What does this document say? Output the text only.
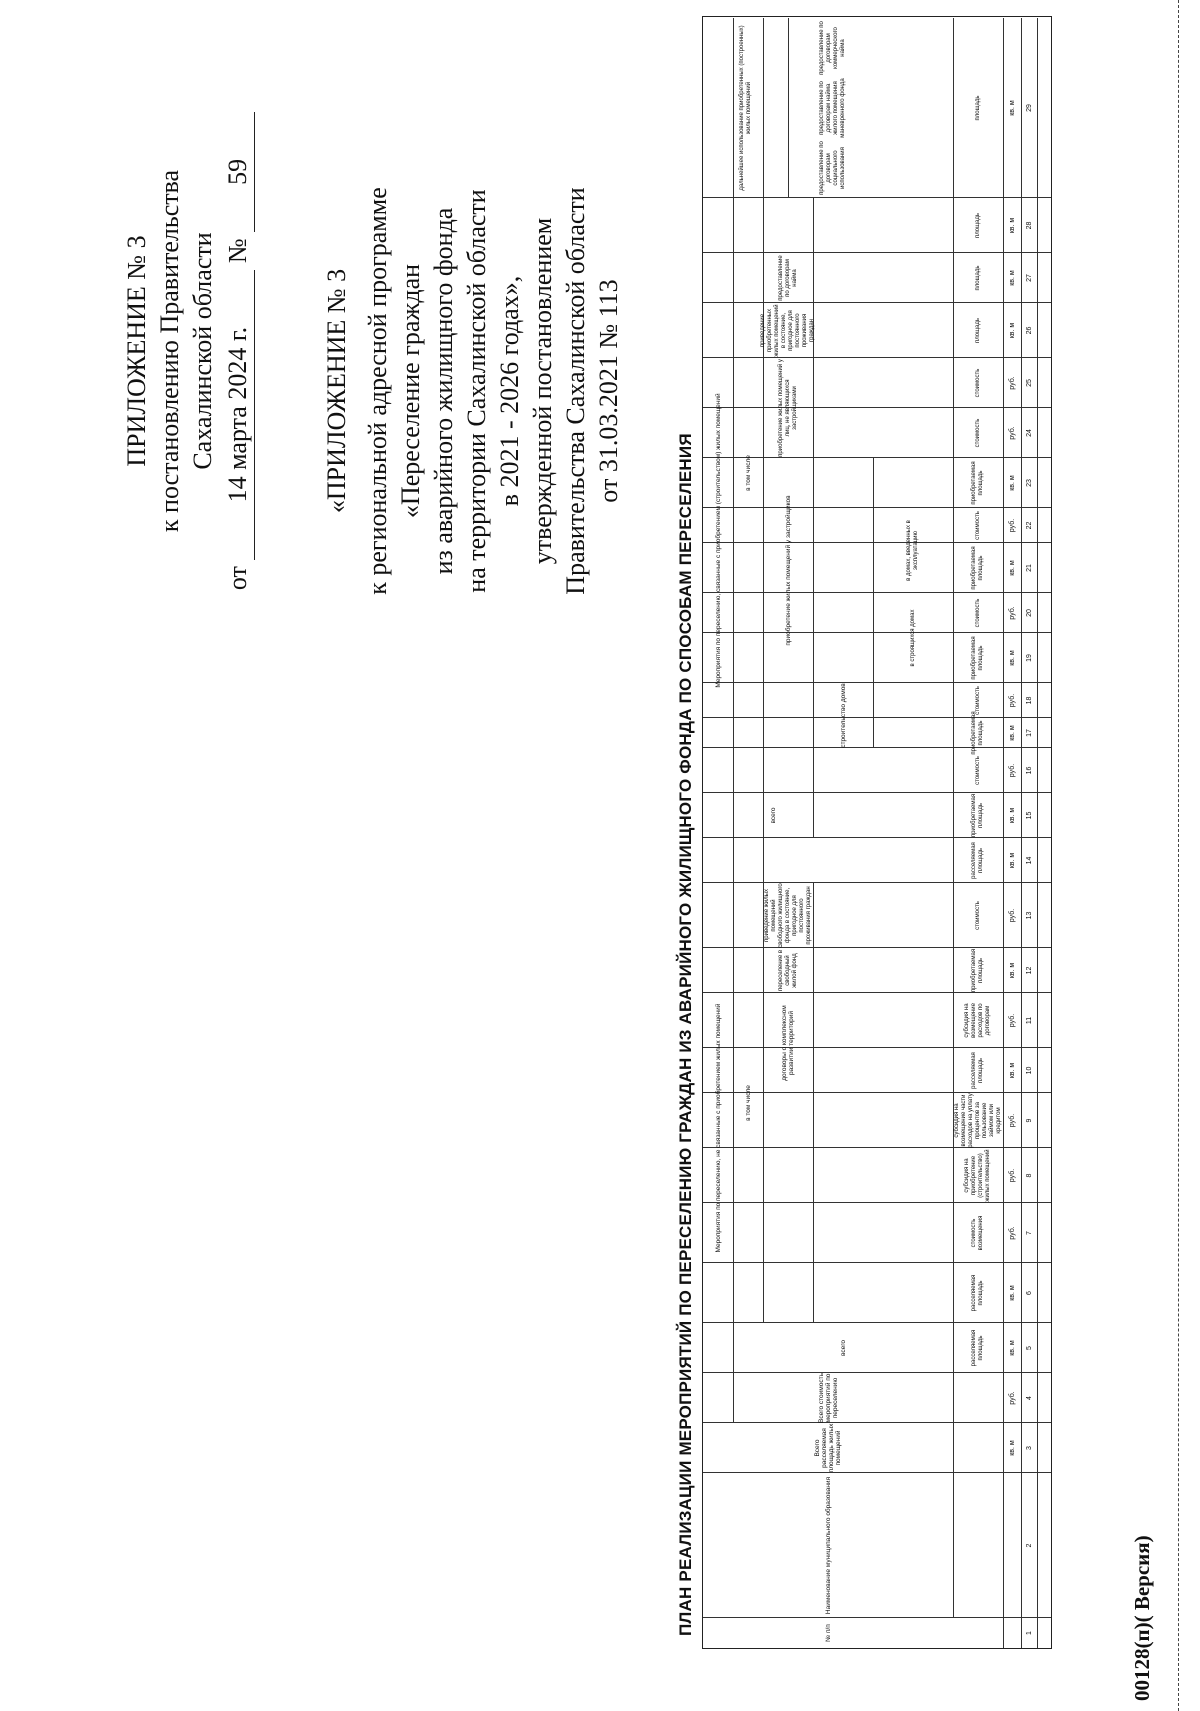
ПРИЛОЖЕНИЕ № 3 к постановлению Правительства Сахалинской области
от 14 марта 2024 г. № 59
«ПРИЛОЖЕНИЕ № 3 к региональной адресной программе «Переселение граждан из аварийного жилищного фонда на территории Сахалинской области в 2021 - 2026 годах», утвержденной постановлением Правительства Сахалинской области от 31.03.2021 № 113
ПЛАН РЕАЛИЗАЦИИ МЕРОПРИЯТИЙ ПО ПЕРЕСЕЛЕНИЮ ГРАЖДАН ИЗ АВАРИЙНОГО ЖИЛИЩНОГО ФОНДА ПО СПОСОБАМ ПЕРЕСЕЛЕНИЯ	Наименование муниципального образования
№ п/п
Всего расселяемая площадь жилых помещений
Всего стоимость мероприятий по переселению
Мероприятия по переселению, не связанные с приобретением жилых помещений
всего
в том числе
договоры о комплексном развитии территорий
переселение в свободный жилой фонд
приведение жилых помещений свободного жилищного фонда в состояние, пригодное для постоянного проживания граждан
Мероприятия по переселению, связанные с приобретением (строительством) жилых помещений
всего
в том числе
строительство домов
приобретение жилых помещений у застройщиков	в строящихся домах
в домах, введенных в эксплуатацию
приобретение жилых помещений у лиц, не являющихся застройщиками
приведение приобретенных жилых помещений в состояние, пригодное для постоянного проживания граждан
предоставление по договорам найма
дальнейшее использование приобретенных (построенных) жилых помещений
предоставление по договорам социального использования
предоставление по договорам найма жилого помещения маневренного фонда
предоставление по договорам коммерческого найма
расселяемая площадь
расселяемая площадь
стоимость возмещения
субсидия на приобретение (строительство) жилых помещений
субсидия на возмещение части расходов на уплату процентов за пользование займом или кредитом
расселяемая площадь
субсидия на возмещение расходов по договорам
приобретаемая площадь
стоимость
расселяемая площадь
приобретаемая площадь
стоимость
приобретаемая площадь
стоимость
приобретаемая площадь
стоимость
приобретаемая площадь
стоимость
приобретаемая площадь
стоимость
стоимость
площадь
площадь
площадь
площадь
кв. м
руб.
кв. м
кв. м
руб.
руб.
руб.
кв. м
руб.
кв. м
руб.
кв. м
кв. м
руб.
кв. м
руб.
кв. м
руб.
кв. м
руб.
кв. м
руб.
руб.
кв. м
кв. м
кв. м
кв. м
1
2
3
4
5
6
7
8
9
10
11
12
13
14
15
16
17
18
19
20
21
22
23
24
25
26
27
28
29
00128(п)( Версия)
